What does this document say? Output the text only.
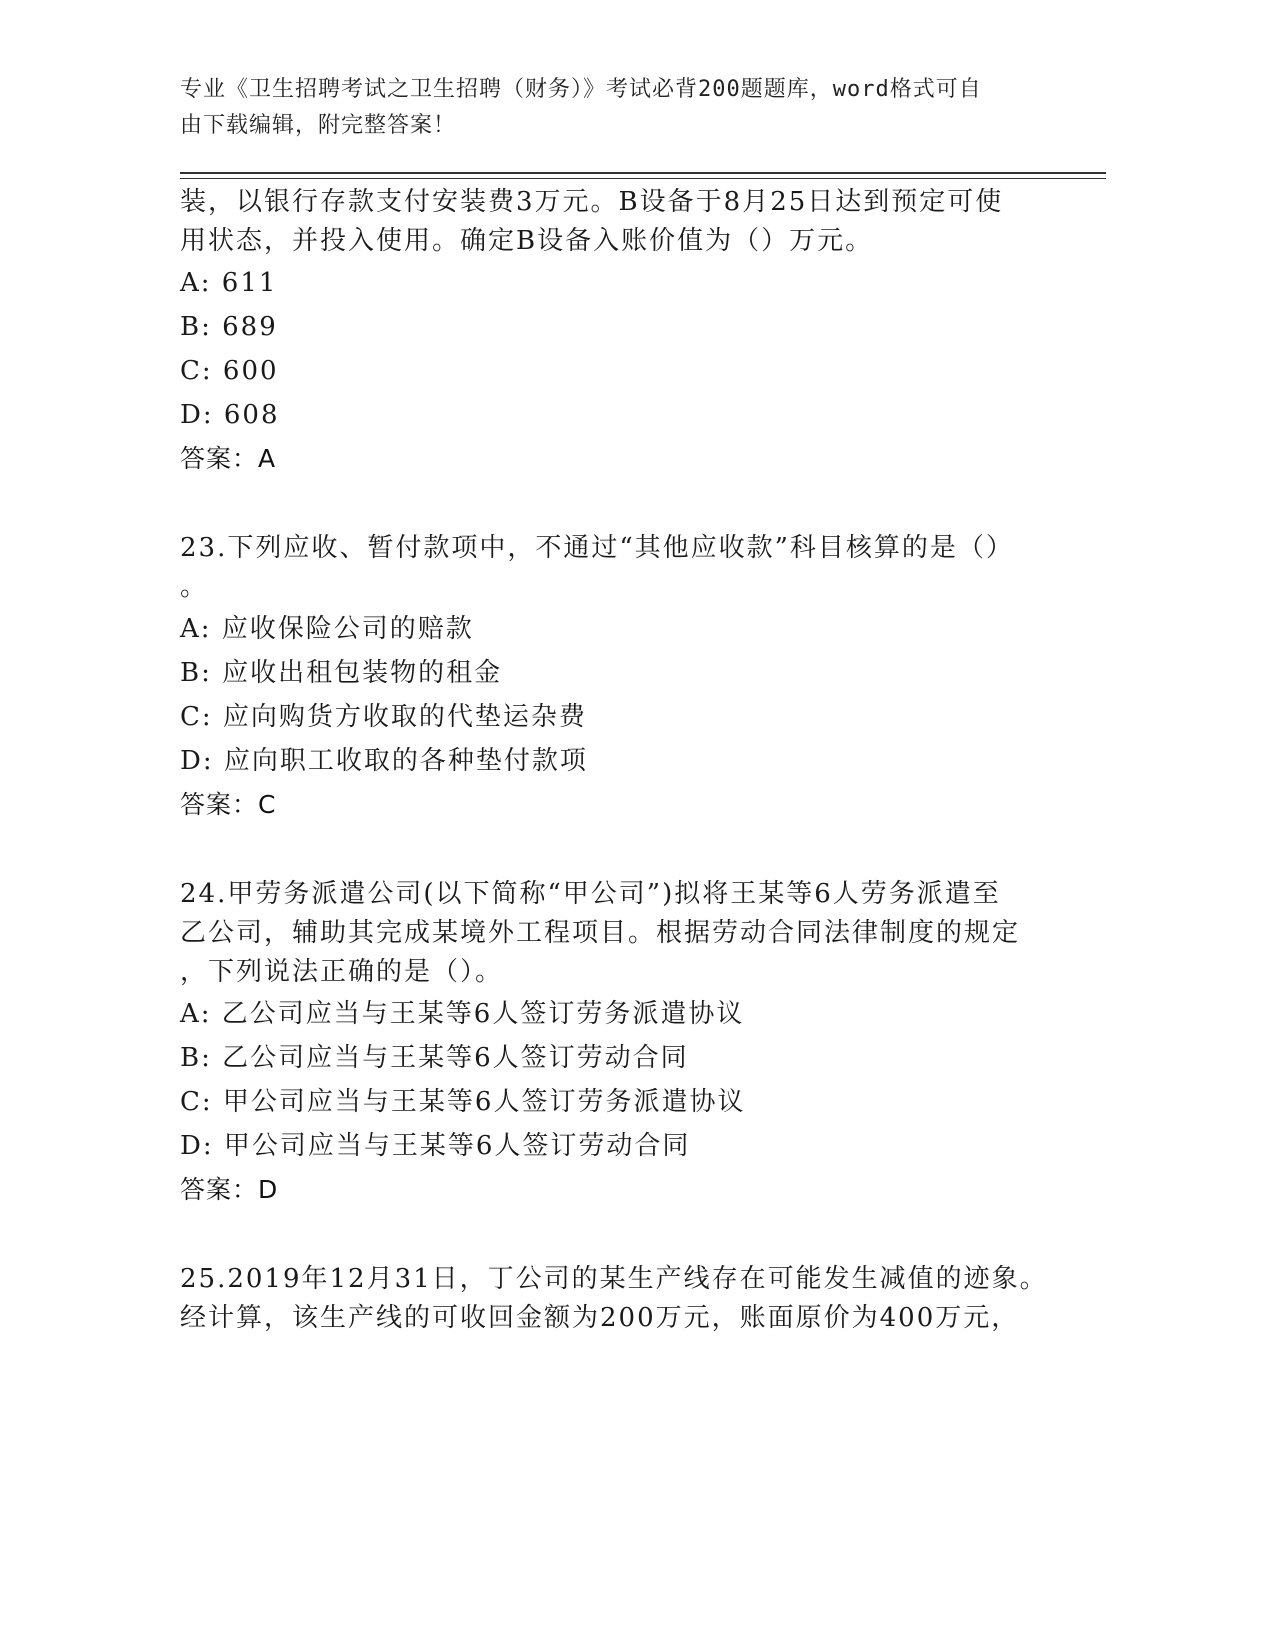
专业《卫生招聘考试之卫生招聘（财务）》考试必背200题题库，word格式可自
由下载编辑，附完整答案！
装，以银行存款支付安装费3万元。B设备于8月25日达到预定可使
用状态，并投入使用。确定B设备入账价值为（）万元。
A: 611
B: 689
C: 600
D: 608
答案：A
23.下列应收、暂付款项中，不通过“其他应收款”科目核算的是（）
。
A: 应收保险公司的赔款
B: 应收出租包装物的租金
C: 应向购货方收取的代垫运杂费
D: 应向职工收取的各种垫付款项
答案：C
24.甲劳务派遣公司(以下简称“甲公司”)拟将王某等6人劳务派遣至
乙公司，辅助其完成某境外工程项目。根据劳动合同法律制度的规定
，下列说法正确的是（）。
A: 乙公司应当与王某等6人签订劳务派遣协议
B: 乙公司应当与王某等6人签订劳动合同
C: 甲公司应当与王某等6人签订劳务派遣协议
D: 甲公司应当与王某等6人签订劳动合同
答案：D
25.2019年12月31日，丁公司的某生产线存在可能发生减值的迹象。
经计算，该生产线的可收回金额为200万元，账面原价为400万元，
